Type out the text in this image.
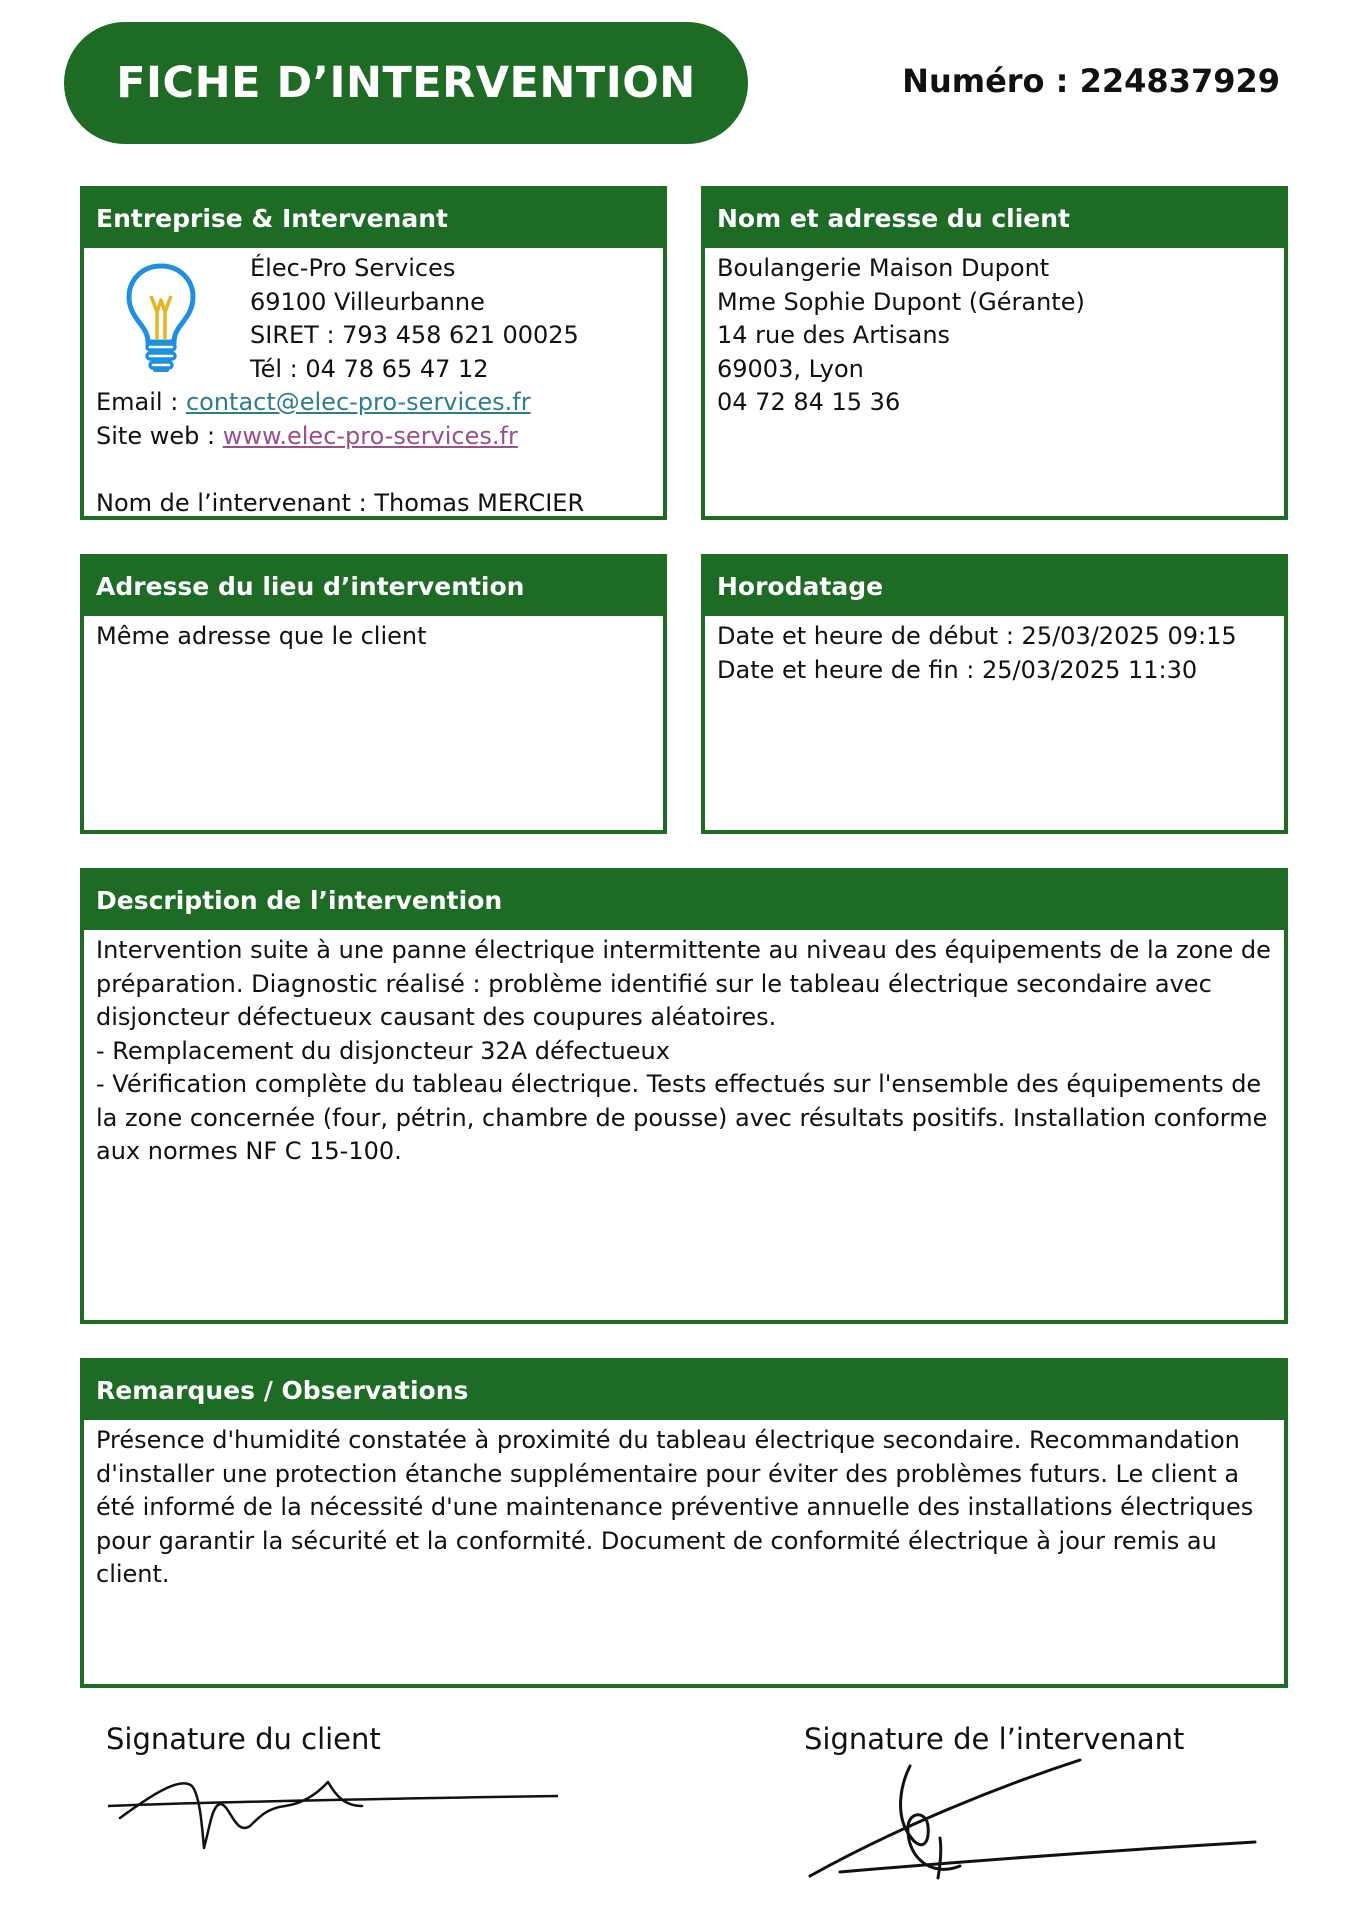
FICHE D’INTERVENTION	Numéro : 224837929
Entreprise & Intervenant
Élec-Pro Services
69100 Villeurbanne
SIRET : 793 458 621 00025
Tél : 04 78 65 47 12
Email : contact@elec-pro-services.fr
Site web : www.elec-pro-services.fr

Nom de l’intervenant : Thomas MERCIER
Nom et adresse du client
Boulangerie Maison Dupont
Mme Sophie Dupont (Gérante)
14 rue des Artisans
69003, Lyon
04 72 84 15 36
Adresse du lieu d’intervention
Même adresse que le client
Horodatage
Date et heure de début : 25/03/2025 09:15
Date et heure de fin : 25/03/2025 11:30
Description de l’intervention
Intervention suite à une panne électrique intermittente au niveau des équipements de la zone de préparation. Diagnostic réalisé : problème identifié sur le tableau électrique secondaire avec disjoncteur défectueux causant des coupures aléatoires.
- Remplacement du disjoncteur 32A défectueux
- Vérification complète du tableau électrique. Tests effectués sur l'ensemble des équipements de la zone concernée (four, pétrin, chambre de pousse) avec résultats positifs. Installation conforme aux normes NF C 15-100.
Remarques / Observations
Présence d'humidité constatée à proximité du tableau électrique secondaire. Recommandation d'installer une protection étanche supplémentaire pour éviter des problèmes futurs. Le client a été informé de la nécessité d'une maintenance préventive annuelle des installations électriques pour garantir la sécurité et la conformité. Document de conformité électrique à jour remis au client.
Signature du client	Signature de l’intervenant
